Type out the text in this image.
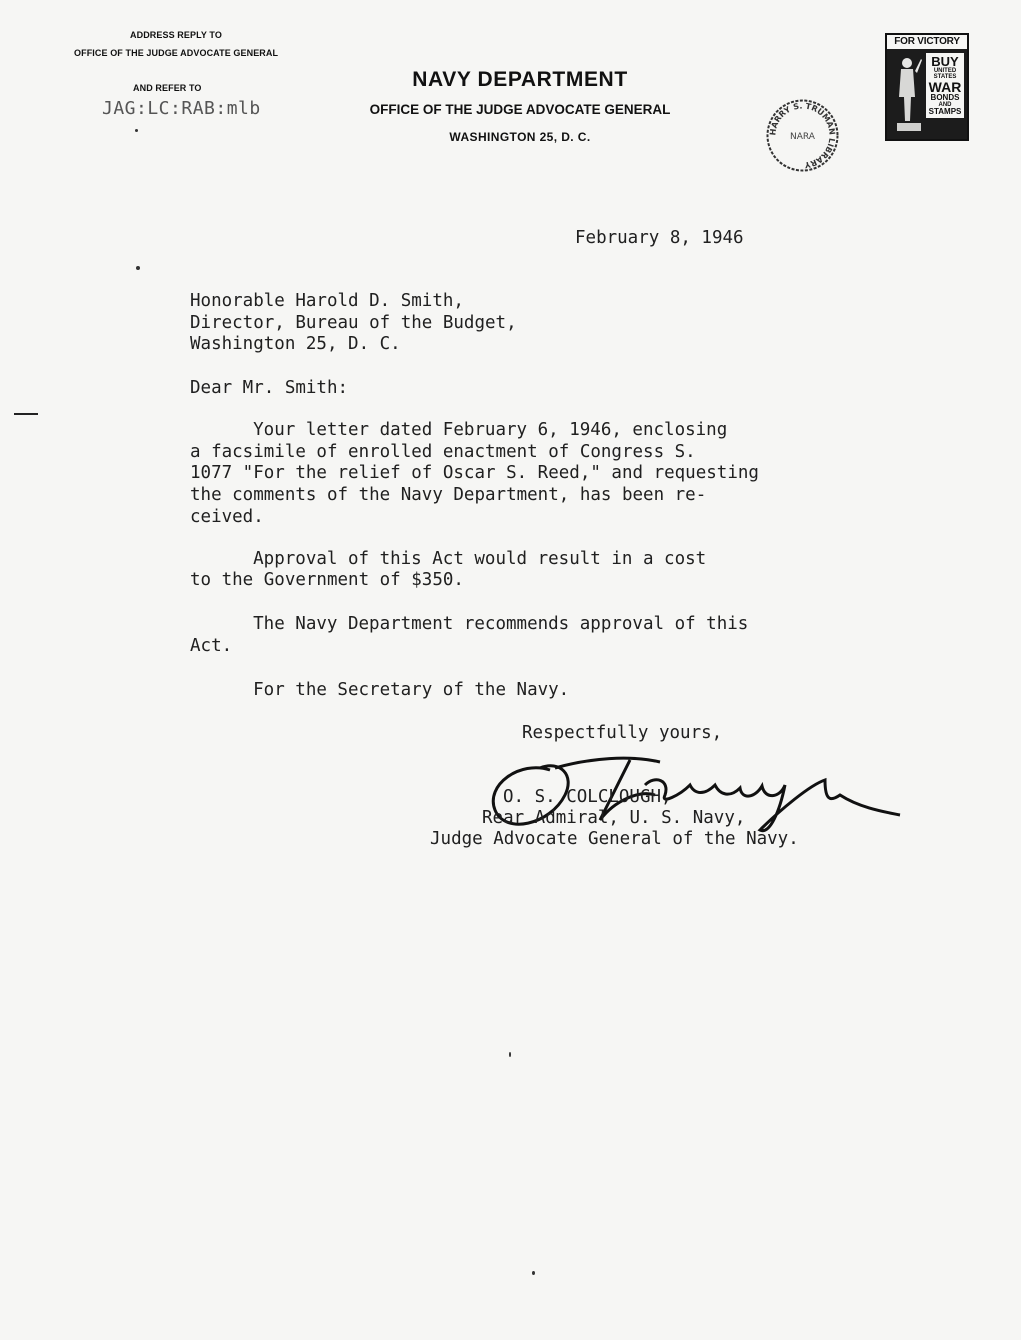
ADDRESS REPLY TO
OFFICE OF THE JUDGE ADVOCATE GENERAL
AND REFER TO
JAG:LC:RAB:mlb
NAVY DEPARTMENT
OFFICE OF THE JUDGE ADVOCATE GENERAL
WASHINGTON 25, D. C.	HARRY S. TRUMAN LIBRARY
NARA
FOR VICTORY
BUY
UNITED
STATES
WAR
BONDS
AND
STAMPS
February 8, 1946
Honorable Harold D. Smith,
Director, Bureau of the Budget,
Washington 25, D. C.
Dear Mr. Smith:
Your letter dated February 6, 1946, enclosing
a facsimile of enrolled enactment of Congress S.
1077 "For the relief of Oscar S. Reed," and requesting
the comments of the Navy Department, has been re-
ceived.
Approval of this Act would result in a cost
to the Government of $350.
The Navy Department recommends approval of this
Act.
For the Secretary of the Navy.
Respectfully yours,
O. S. COLCLOUGH,
Rear Admiral, U. S. Navy,
Judge Advocate General of the Navy.
